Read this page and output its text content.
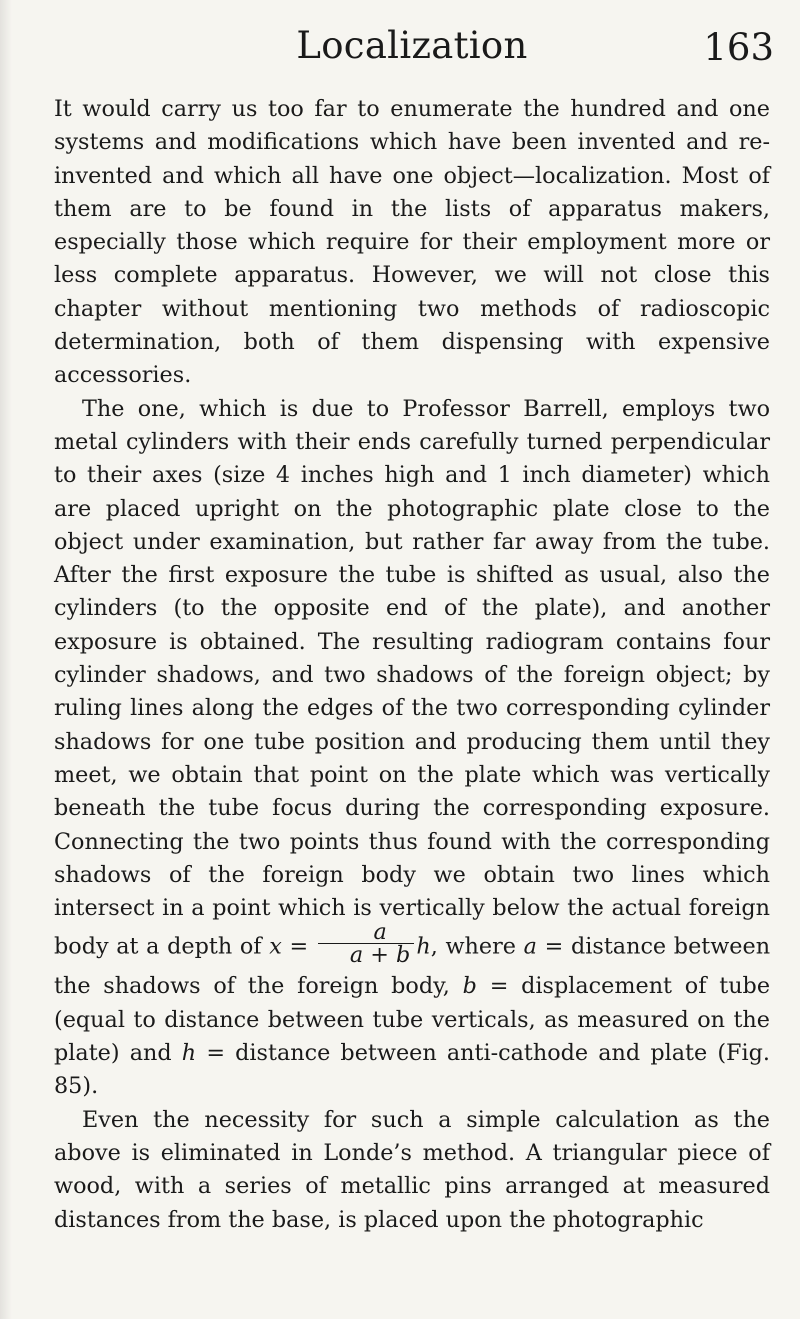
Localization	163

It would carry us too far to enumerate the hundred and one systems and modifications which have been invented and re-invented and which all have one object—localization. Most of them are to be found in the lists of apparatus makers, especially those which require for their employment more or less complete apparatus. However, we will not close this chapter without mentioning two methods of radioscopic determination, both of them dispensing with expensive accessories.

The one, which is due to Professor Barrell, employs two metal cylinders with their ends carefully turned perpendicular to their axes (size 4 inches high and 1 inch diameter) which are placed upright on the photographic plate close to the object under examination, but rather far away from the tube. After the first exposure the tube is shifted as usual, also the cylinders (to the opposite end of the plate), and another exposure is obtained. The resulting radiogram contains four cylinder shadows, and two shadows of the foreign object; by ruling lines along the edges of the two corresponding cylinder shadows for one tube position and producing them until they meet, we obtain that point on the plate which was vertically beneath the tube focus during the corresponding exposure. Connecting the two points thus found with the corresponding shadows of the foreign body we obtain two lines which intersect in a point which is vertically below the actual foreign body at a depth of $x = \frac{a}{a + b} h$, where a = distance between the shadows of the foreign body, b = displacement of tube (equal to distance between tube verticals, as measured on the plate) and h = distance between anti-cathode and plate (Fig. 85).

Even the necessity for such a simple calculation as the above is eliminated in Londe’s method. A triangular piece of wood, with a series of metallic pins arranged at measured distances from the base, is placed upon the photographic
